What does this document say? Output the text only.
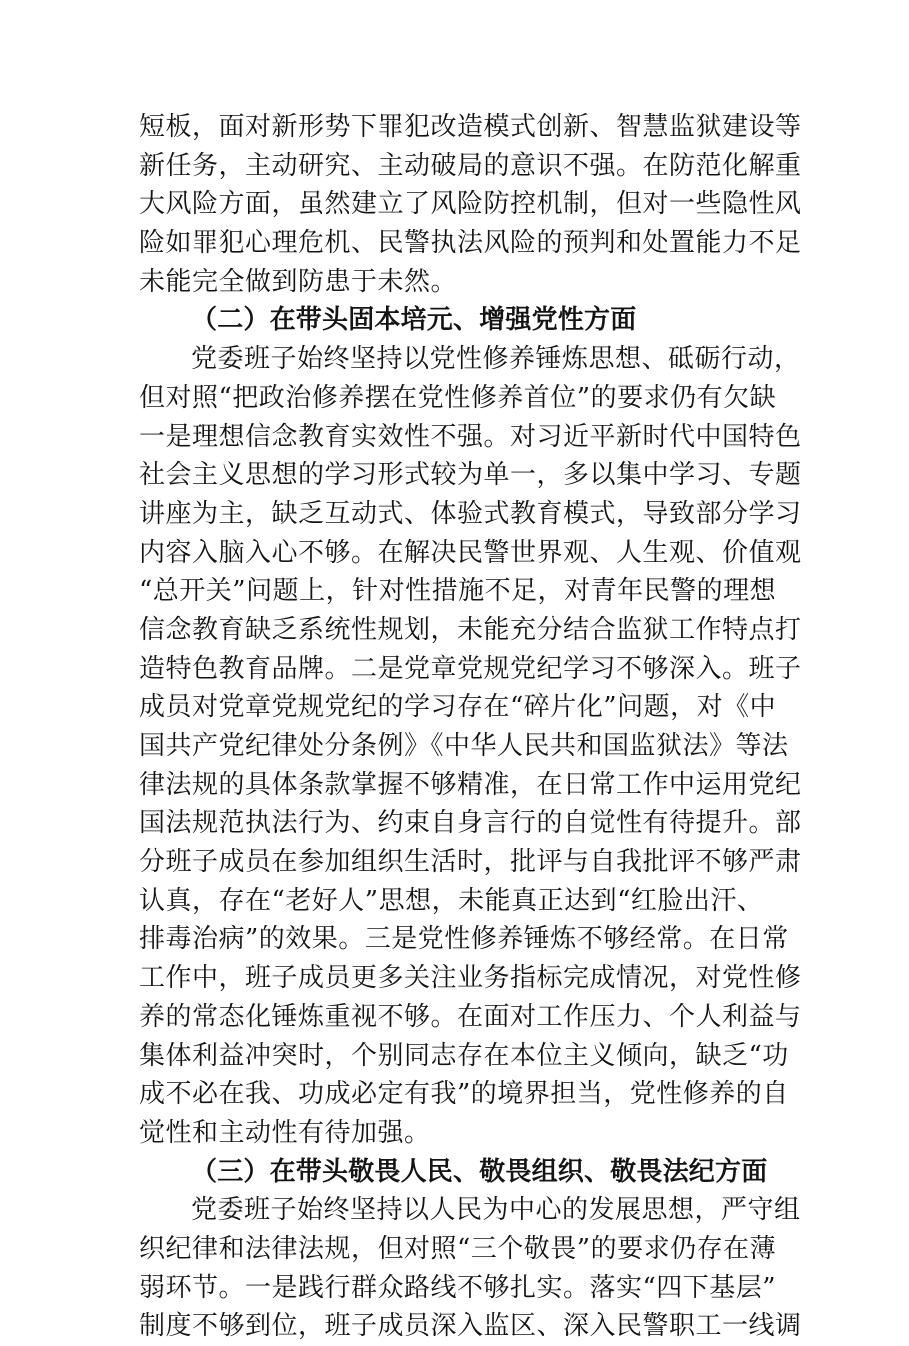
短板，面对新形势下罪犯改造模式创新、智慧监狱建设等
新任务，主动研究、主动破局的意识不强。在防范化解重
大风险方面，虽然建立了风险防控机制，但对一些隐性风
险如罪犯心理危机、民警执法风险的预判和处置能力不足
未能完全做到防患于未然。
（二）在带头固本培元、增强党性方面
党委班子始终坚持以党性修养锤炼思想、砥砺行动，
但对照“把政治修养摆在党性修养首位”的要求仍有欠缺
一是理想信念教育实效性不强。对习近平新时代中国特色
社会主义思想的学习形式较为单一，多以集中学习、专题
讲座为主，缺乏互动式、体验式教育模式，导致部分学习
内容入脑入心不够。在解决民警世界观、人生观、价值观
“总开关”问题上，针对性措施不足，对青年民警的理想
信念教育缺乏系统性规划，未能充分结合监狱工作特点打
造特色教育品牌。二是党章党规党纪学习不够深入。班子
成员对党章党规党纪的学习存在“碎片化”问题，对《中
国共产党纪律处分条例》《中华人民共和国监狱法》等法
律法规的具体条款掌握不够精准，在日常工作中运用党纪
国法规范执法行为、约束自身言行的自觉性有待提升。部
分班子成员在参加组织生活时，批评与自我批评不够严肃
认真，存在“老好人”思想，未能真正达到“红脸出汗、
排毒治病”的效果。三是党性修养锤炼不够经常。在日常
工作中，班子成员更多关注业务指标完成情况，对党性修
养的常态化锤炼重视不够。在面对工作压力、个人利益与
集体利益冲突时，个别同志存在本位主义倾向，缺乏“功
成不必在我、功成必定有我”的境界担当，党性修养的自
觉性和主动性有待加强。
（三）在带头敬畏人民、敬畏组织、敬畏法纪方面
党委班子始终坚持以人民为中心的发展思想，严守组
织纪律和法律法规，但对照“三个敬畏”的要求仍存在薄
弱环节。一是践行群众路线不够扎实。落实“四下基层”
制度不够到位，班子成员深入监区、深入民警职工一线调
